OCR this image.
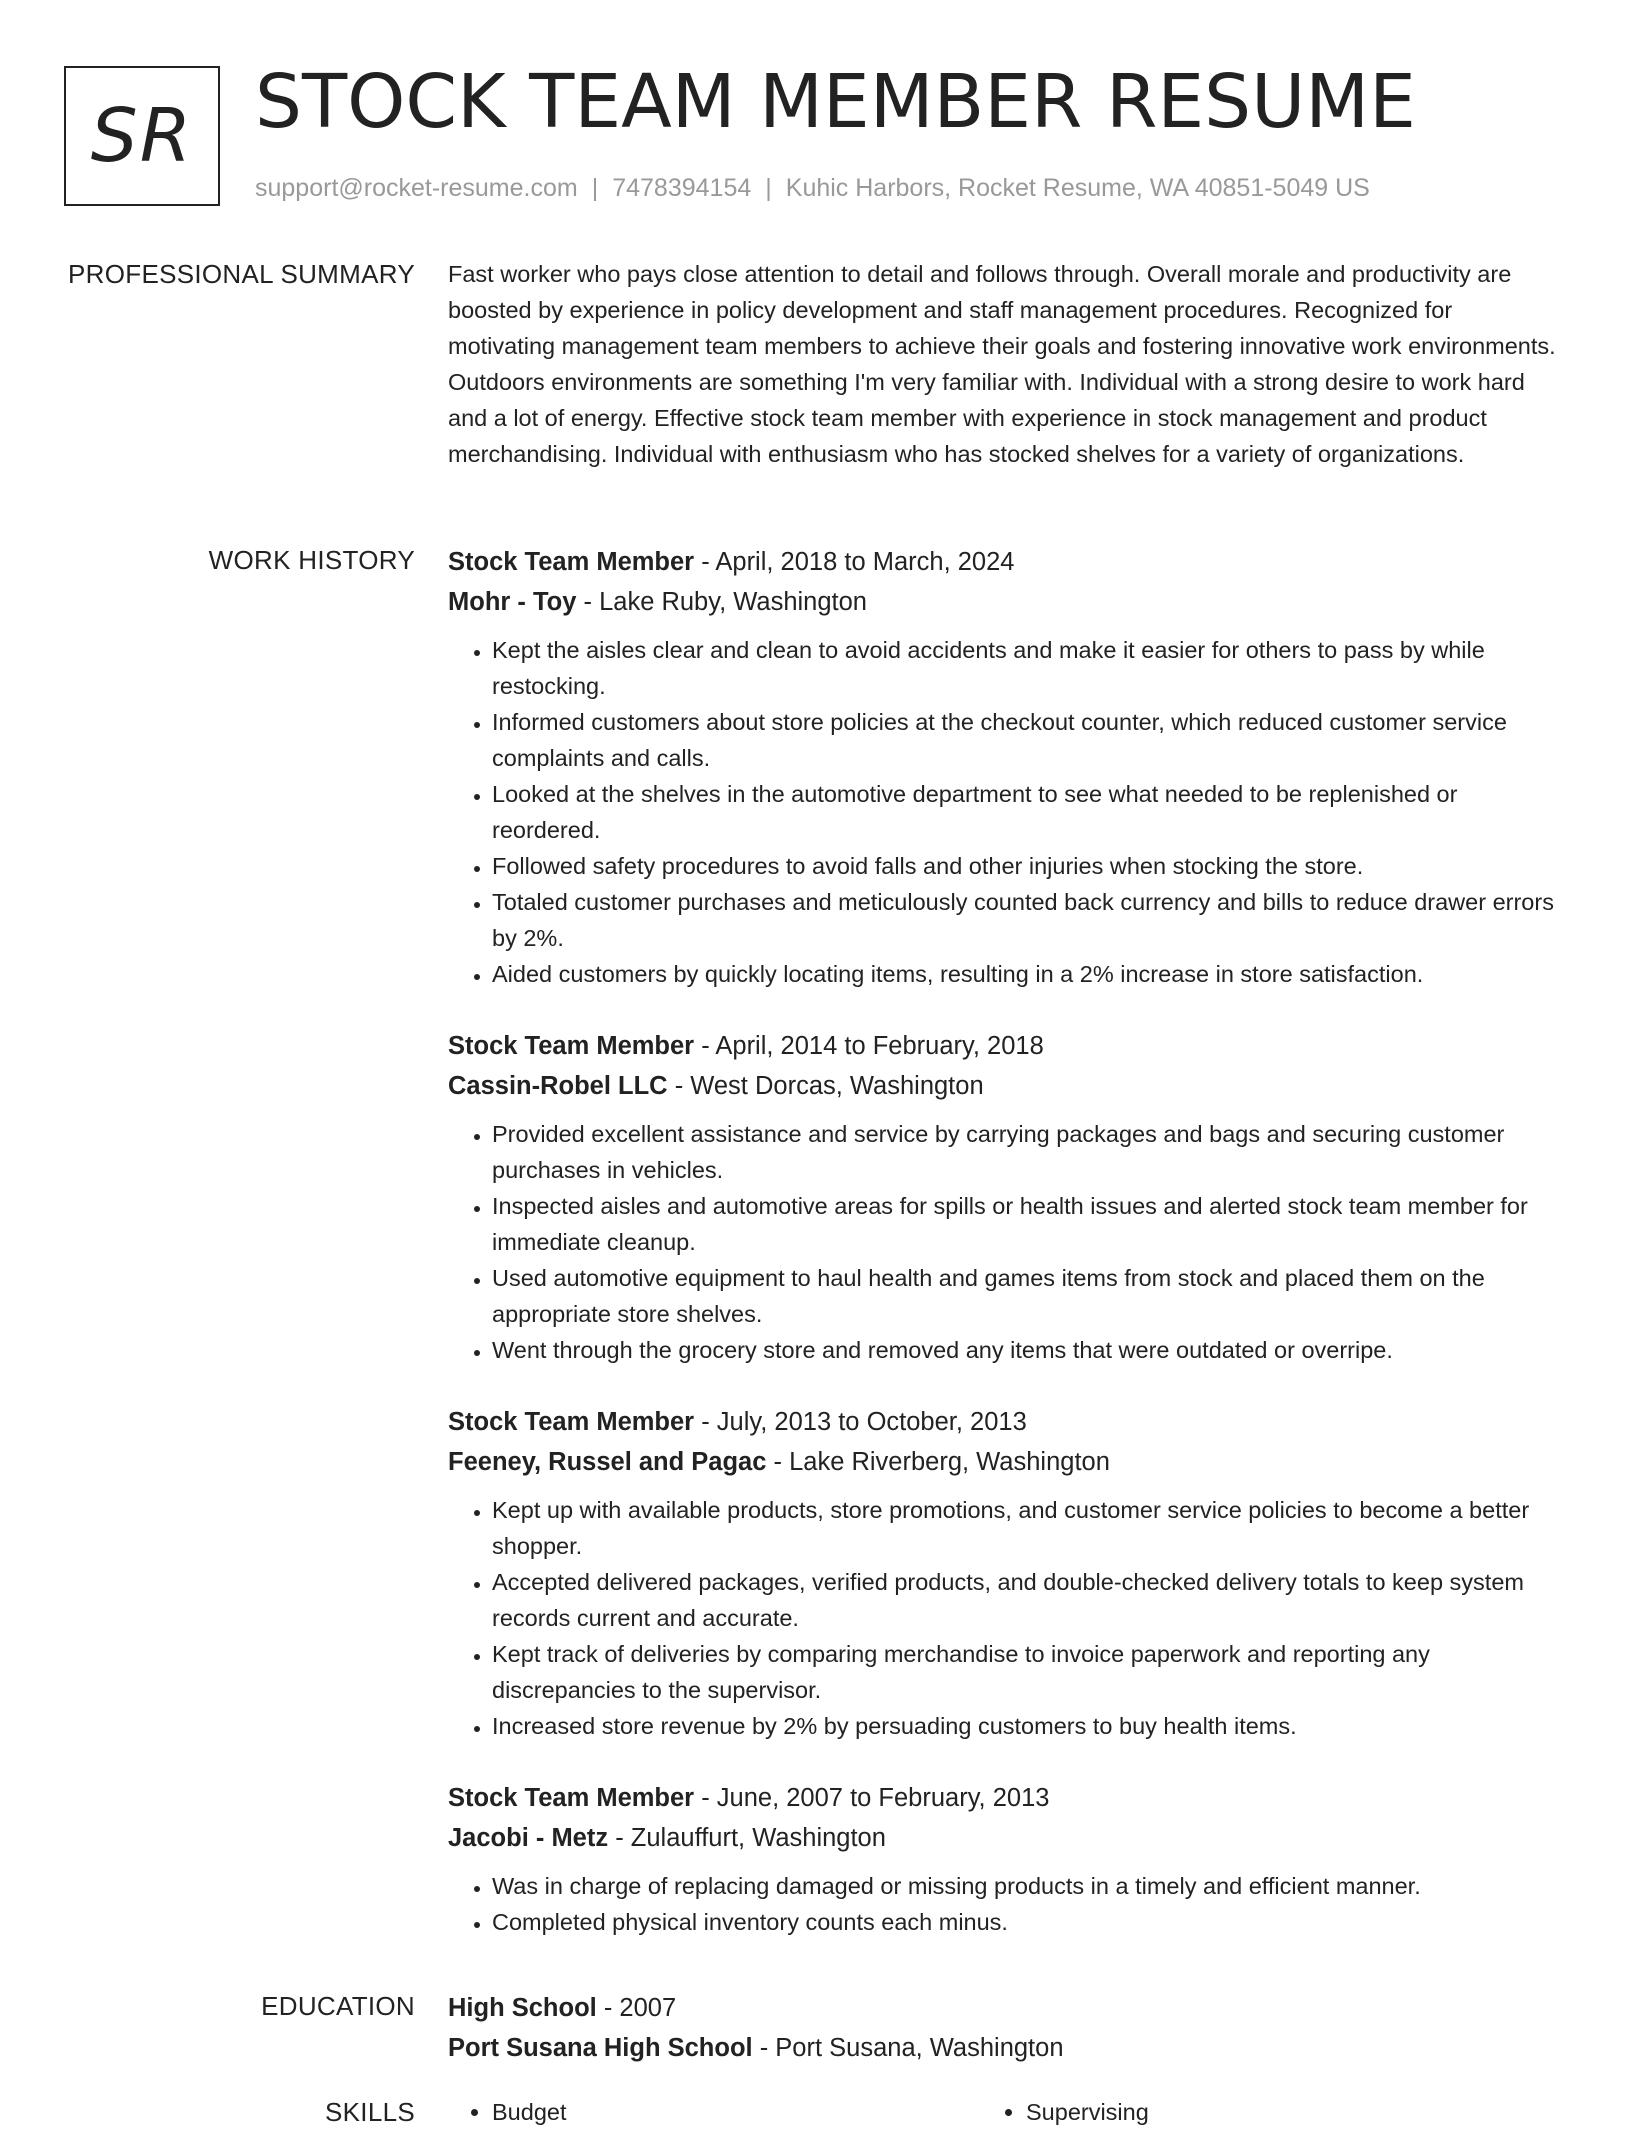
SR STOCK TEAM MEMBER RESUME
support@rocket-resume.com | 7478394154 | Kuhic Harbors, Rocket Resume, WA 40851-5049 US
PROFESSIONAL SUMMARY Fast worker who pays close attention to detail and follows through. Overall morale and productivity are boosted by experience in policy development and staff management procedures. Recognized for motivating management team members to achieve their goals and fostering innovative work environments. Outdoors environments are something I'm very familiar with. Individual with a strong desire to work hard and a lot of energy. Effective stock team member with experience in stock management and product merchandising. Individual with enthusiasm who has stocked shelves for a variety of organizations.

WORK HISTORY Stock Team Member - April, 2018 to March, 2024
Mohr - Toy - Lake Ruby, Washington
• Kept the aisles clear and clean to avoid accidents and make it easier for others to pass by while restocking.
• Informed customers about store policies at the checkout counter, which reduced customer service complaints and calls.
• Looked at the shelves in the automotive department to see what needed to be replenished or reordered.
• Followed safety procedures to avoid falls and other injuries when stocking the store.
• Totaled customer purchases and meticulously counted back currency and bills to reduce drawer errors by 2%.
• Aided customers by quickly locating items, resulting in a 2% increase in store satisfaction.
Stock Team Member - April, 2014 to February, 2018
Cassin-Robel LLC - West Dorcas, Washington
• Provided excellent assistance and service by carrying packages and bags and securing customer purchases in vehicles.
• Inspected aisles and automotive areas for spills or health issues and alerted stock team member for immediate cleanup.
• Used automotive equipment to haul health and games items from stock and placed them on the appropriate store shelves.
• Went through the grocery store and removed any items that were outdated or overripe.
Stock Team Member - July, 2013 to October, 2013
Feeney, Russel and Pagac - Lake Riverberg, Washington
• Kept up with available products, store promotions, and customer service policies to become a better shopper.
• Accepted delivered packages, verified products, and double-checked delivery totals to keep system records current and accurate.
• Kept track of deliveries by comparing merchandise to invoice paperwork and reporting any discrepancies to the supervisor.
• Increased store revenue by 2% by persuading customers to buy health items.
Stock Team Member - June, 2007 to February, 2013
Jacobi - Metz - Zulauffurt, Washington
• Was in charge of replacing damaged or missing products in a timely and efficient manner.
• Completed physical inventory counts each minus.
EDUCATION High School - 2007
Port Susana High School - Port Susana, Washington
SKILLS	• Budget	• Supervising
